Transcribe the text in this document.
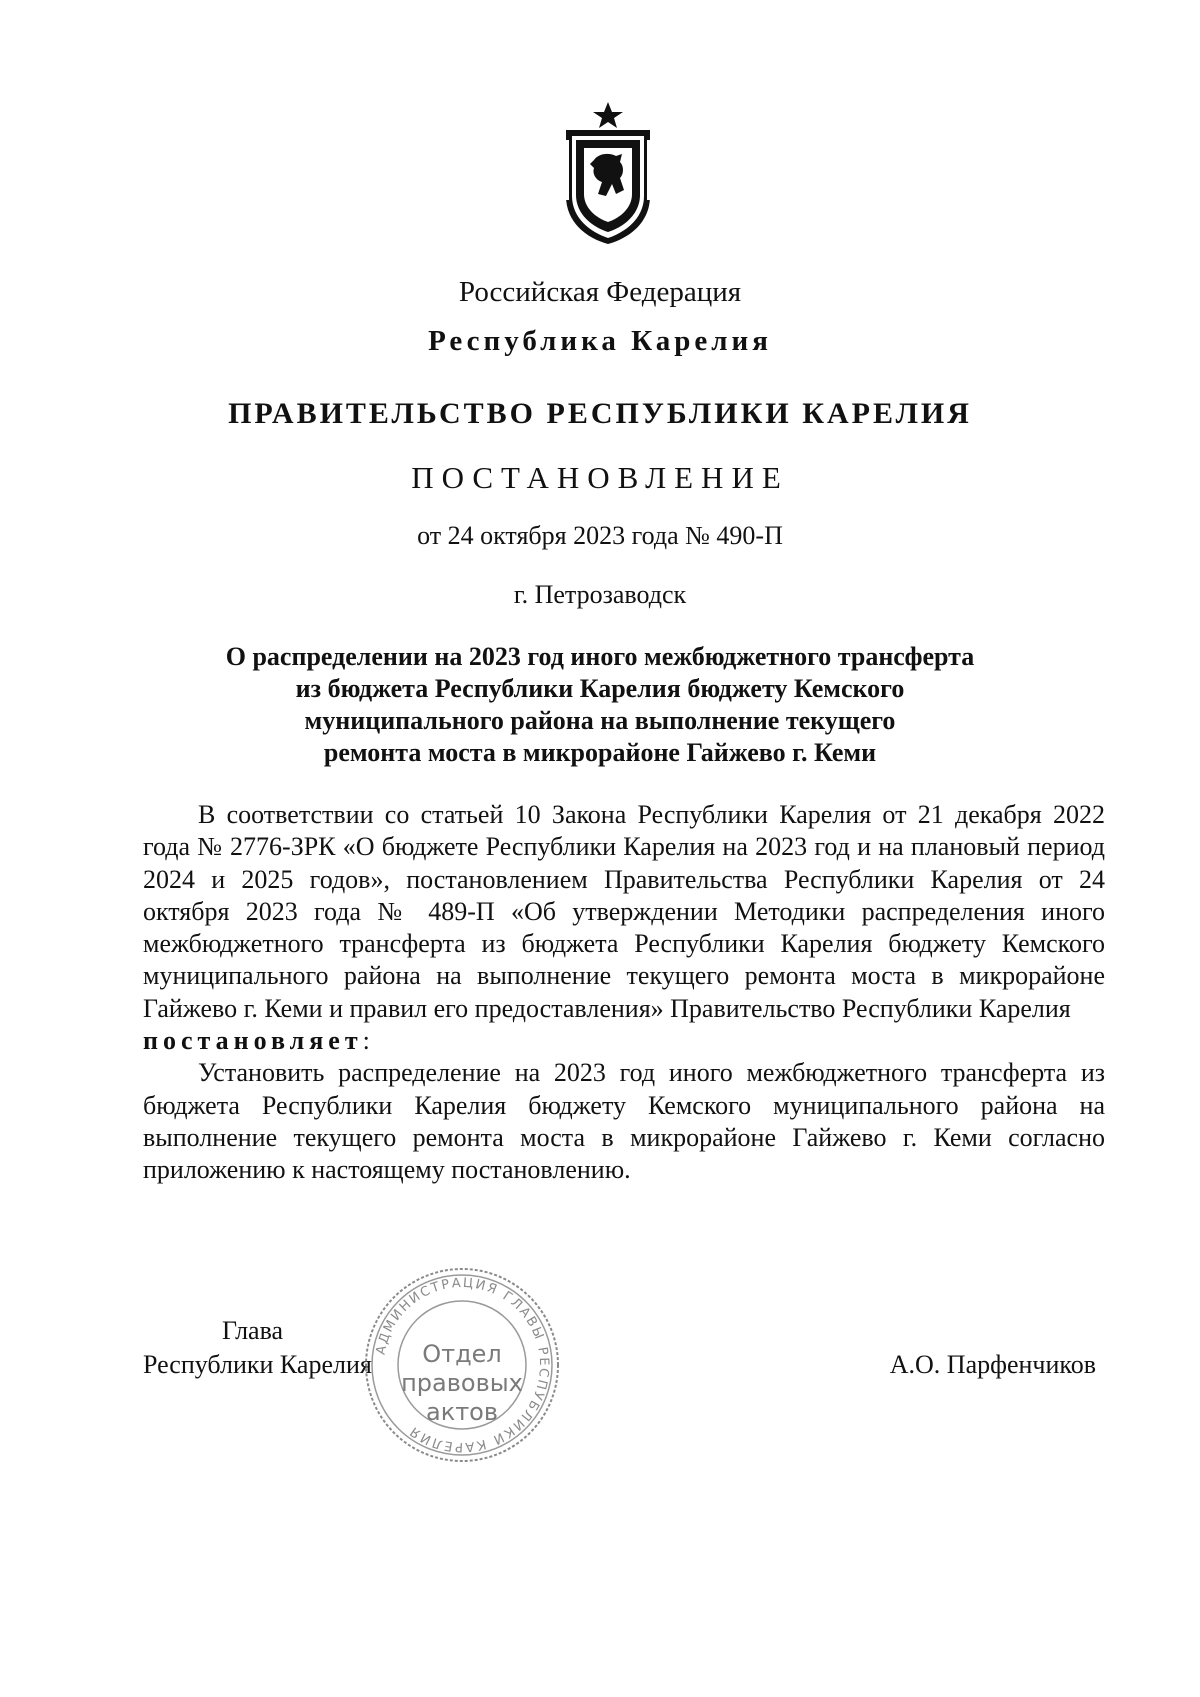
Российская Федерация
Республика Карелия
ПРАВИТЕЛЬСТВО РЕСПУБЛИКИ КАРЕЛИЯ
ПОСТАНОВЛЕНИЕ
от 24 октября 2023 года № 490-П
г. Петрозаводск
О распределении на 2023 год иного межбюджетного трансферта
из бюджета Республики Карелия бюджету Кемского
муниципального района на выполнение текущего
ремонта моста в микрорайоне Гайжево г. Кеми

В соответствии со статьей 10 Закона Республики Карелия от 21 декабря 2022 года № 2776-ЗРК «О бюджете Республики Карелия на 2023 год и на плановый период 2024 и 2025 годов», постановлением Правительства Республики Карелия от 24 октября 2023 года № 489-П «Об утверждении Методики распределения иного межбюджетного трансферта из бюджета Республики Карелия бюджету Кемского муниципального района на выполнение текущего ремонта моста в микрорайоне Гайжево г. Кеми и правил его предоставления» Правительство Республики Карелия
постановляет:

Установить распределение на 2023 год иного межбюджетного трансферта из бюджета Республики Карелия бюджету Кемского муниципального района на выполнение текущего ремонта моста в микрорайоне Гайжево г. Кеми согласно приложению к настоящему постановлению.

Глава
Республики Карелия	А.О. Парфенчиков
АДМИНИСТРАЦИЯ ГЛАВЫ РЕСПУБЛИКИ КАРЕЛИЯ
Отдел
правовых
актов
